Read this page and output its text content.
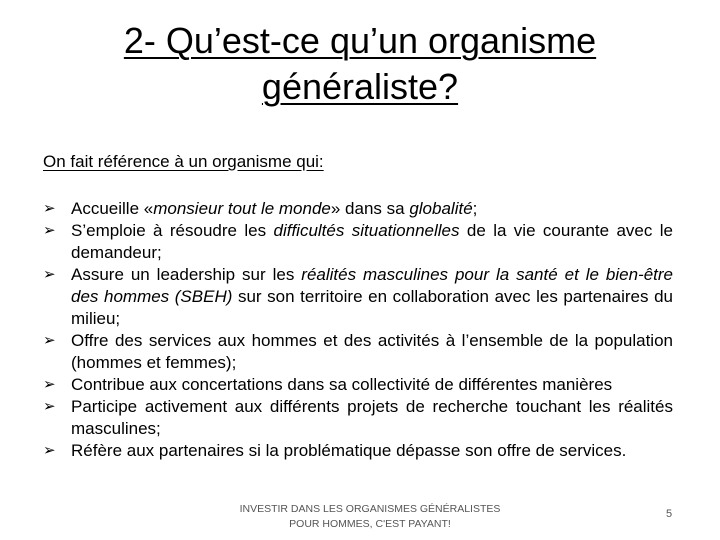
2- Qu’est-ce qu’un organisme
généraliste?
On fait référence à un organisme qui:
➢ Accueille «monsieur tout le monde» dans sa globalité;
➢ S’emploie à résoudre les difficultés situationnelles de la vie courante avec le demandeur;
➢ Assure un leadership sur les réalités masculines pour la santé et le bien-être des hommes (SBEH) sur son territoire en collaboration avec les partenaires du milieu;
➢ Offre des services aux hommes et des activités à l’ensemble de la population (hommes et femmes);
➢ Contribue aux concertations dans sa collectivité de différentes manières
➢ Participe activement aux différents projets de recherche touchant les réalités masculines;
➢ Réfère aux partenaires si la problématique dépasse son offre de services.
INVESTIR DANS LES ORGANISMES GÉNÉRALISTES
POUR HOMMES, C'EST PAYANT!
5
